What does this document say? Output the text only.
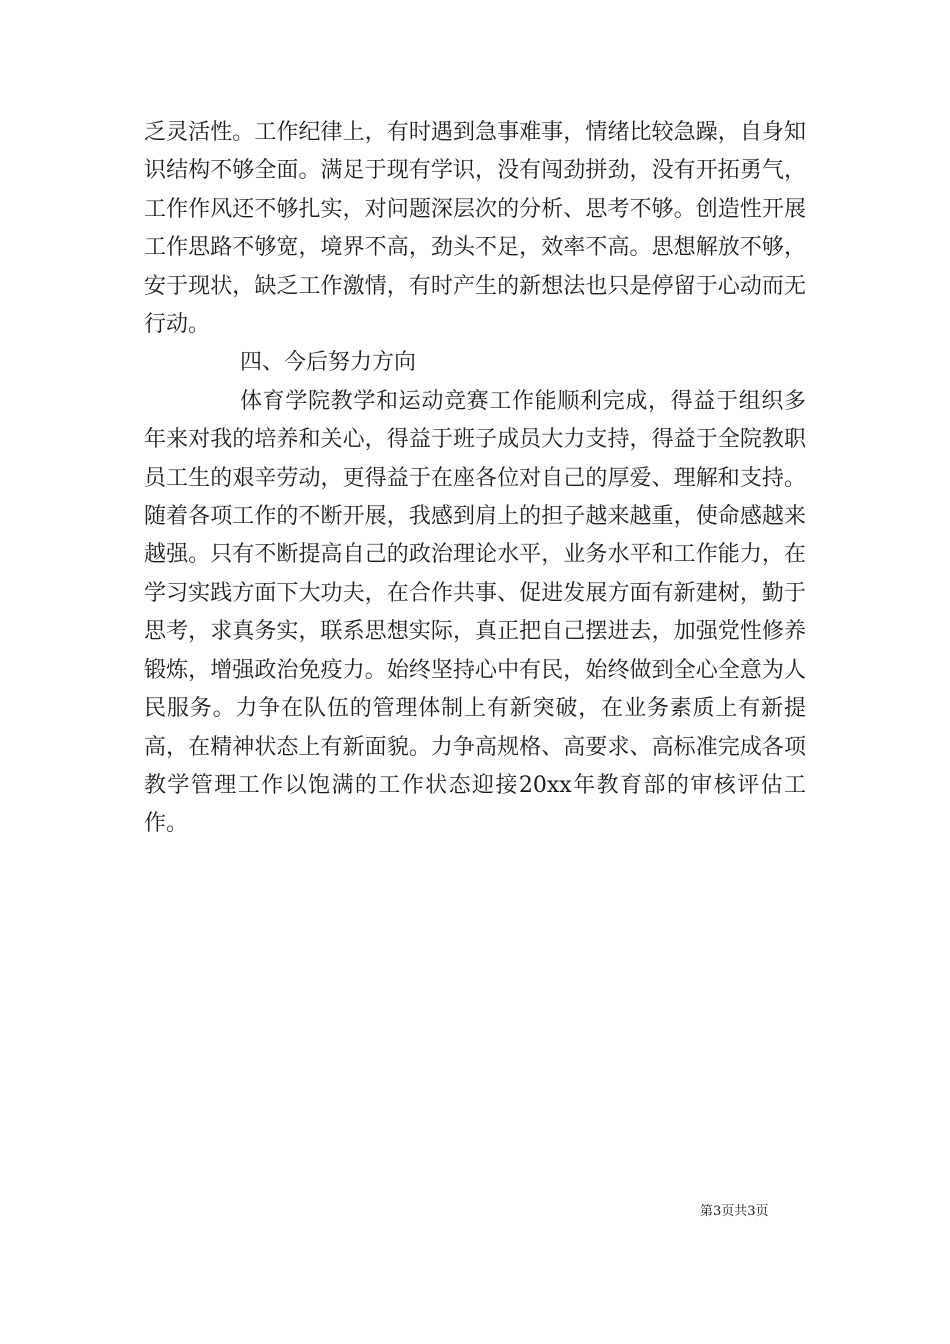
乏灵活性。工作纪律上，有时遇到急事难事，情绪比较急躁，自身知识结构不够全面。满足于现有学识，没有闯劲拼劲，没有开拓勇气，工作作风还不够扎实，对问题深层次的分析、思考不够。创造性开展工作思路不够宽，境界不高，劲头不足，效率不高。思想解放不够，安于现状，缺乏工作激情，有时产生的新想法也只是停留于心动而无行动。

四、今后努力方向

体育学院教学和运动竞赛工作能顺利完成，得益于组织多年来对我的培养和关心，得益于班子成员大力支持，得益于全院教职员工生的艰辛劳动，更得益于在座各位对自己的厚爱、理解和支持。随着各项工作的不断开展，我感到肩上的担子越来越重，使命感越来越强。只有不断提高自己的政治理论水平，业务水平和工作能力，在学习实践方面下大功夫，在合作共事、促进发展方面有新建树，勤于思考，求真务实，联系思想实际，真正把自己摆进去，加强党性修养锻炼，增强政治免疫力。始终坚持心中有民，始终做到全心全意为人民服务。力争在队伍的管理体制上有新突破，在业务素质上有新提高，在精神状态上有新面貌。力争高规格、高要求、高标准完成各项教学管理工作以饱满的工作状态迎接20xx年教育部的审核评估工作。

第3页共3页
